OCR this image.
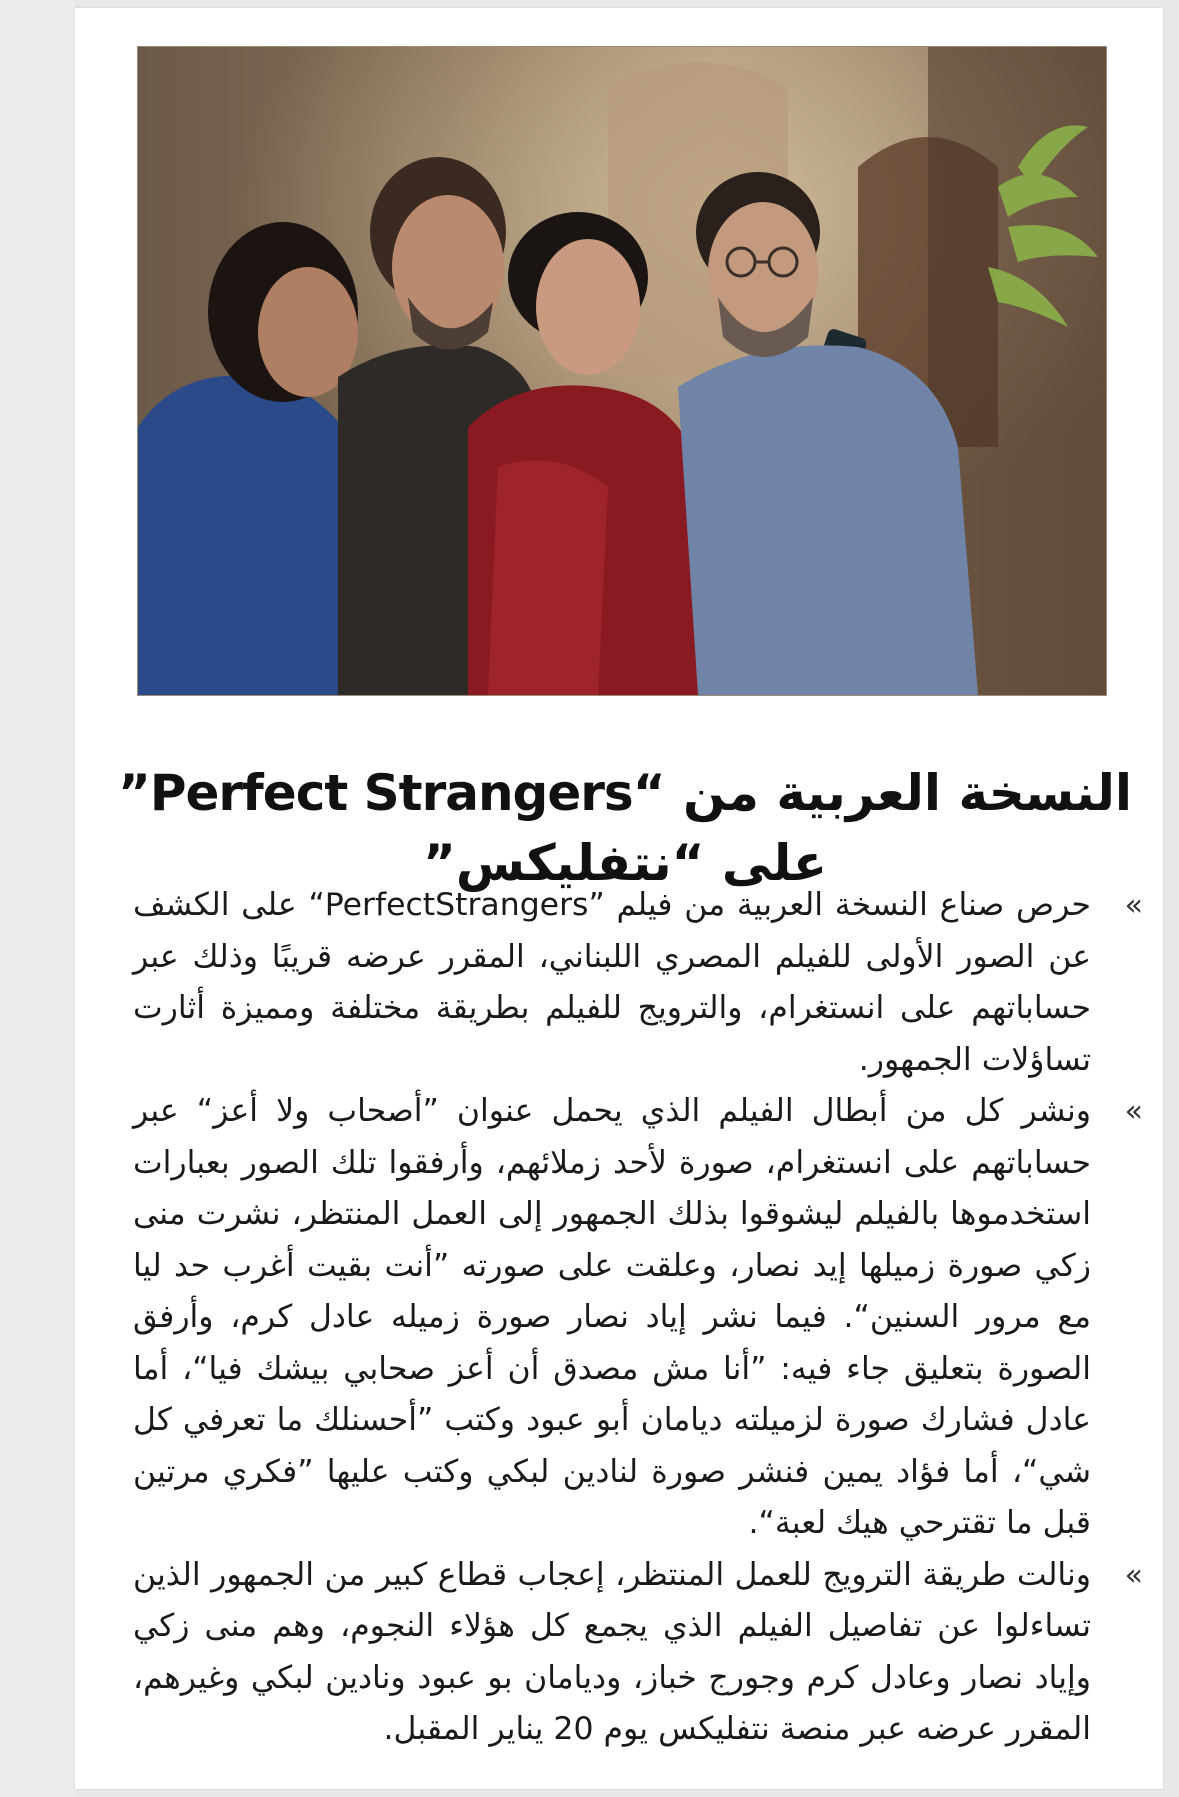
النسخة العربية من “Perfect Strangers” على “نتفليكس”

»
حرص صناع النسخة العربية من فيلم ”PerfectStrangers“ على الكشف عن الصور الأولى للفيلم المصري اللبناني، المقرر عرضه قريبًا وذلك عبر حساباتهم على انستغرام، والترويج للفيلم بطريقة مختلفة ومميزة أثارت تساؤلات الجمهور.

»
ونشر كل من أبطال الفيلم الذي يحمل عنوان ”أصحاب ولا أعز“ عبر حساباتهم على انستغرام، صورة لأحد زملائهم، وأرفقوا تلك الصور بعبارات استخدموها بالفيلم ليشوقوا بذلك الجمهور إلى العمل المنتظر، نشرت منى زكي صورة زميلها إيد نصار، وعلقت على صورته ”أنت بقيت أغرب حد ليا مع مرور السنين“. فيما نشر إياد نصار صورة زميله عادل كرم، وأرفق الصورة بتعليق جاء فيه: ”أنا مش مصدق أن أعز صحابي بيشك فيا“، أما عادل فشارك صورة لزميلته ديامان أبو عبود وكتب ”أحسنلك ما تعرفي كل شي“، أما فؤاد يمين فنشر صورة لنادين لبكي وكتب عليها ”فكري مرتين قبل ما تقترحي هيك لعبة“.

»
ونالت طريقة الترويج للعمل المنتظر، إعجاب قطاع كبير من الجمهور الذين تساءلوا عن تفاصيل الفيلم الذي يجمع كل هؤلاء النجوم، وهم منى زكي وإياد نصار وعادل كرم وجورج خباز، وديامان بو عبود ونادين لبكي وغيرهم، المقرر عرضه عبر منصة نتفليكس يوم 20 يناير المقبل.
